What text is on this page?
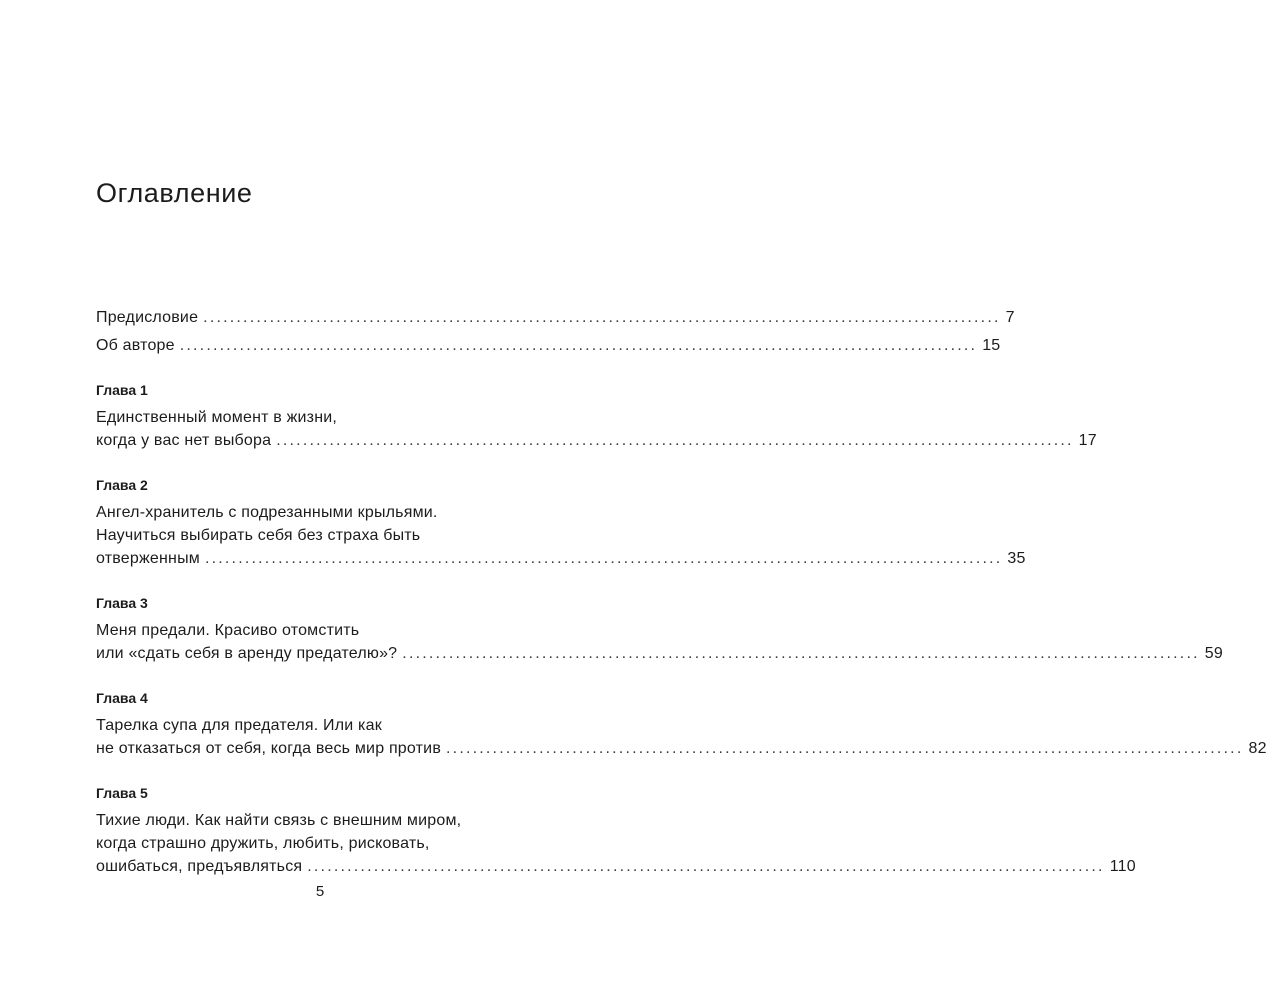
Оглавление
Предисловие ........................................................................................................................ 7
Об авторе ........................................................................................................................ 15
Глава 1
Единственный момент в жизни,
когда у вас нет выбора ........................................................................................................................ 17
Глава 2
Ангел-хранитель с подрезанными крыльями.
Научиться выбирать себя без страха быть
отверженным ........................................................................................................................ 35
Глава 3
Меня предали. Красиво отомстить
или «сдать себя в аренду предателю»? ........................................................................................................................ 59
Глава 4
Тарелка супа для предателя. Или как
не отказаться от себя, когда весь мир против ........................................................................................................................ 82
Глава 5
Тихие люди. Как найти связь с внешним миром,
когда страшно дружить, любить, рисковать,
ошибаться, предъявляться ........................................................................................................................ 110
5
